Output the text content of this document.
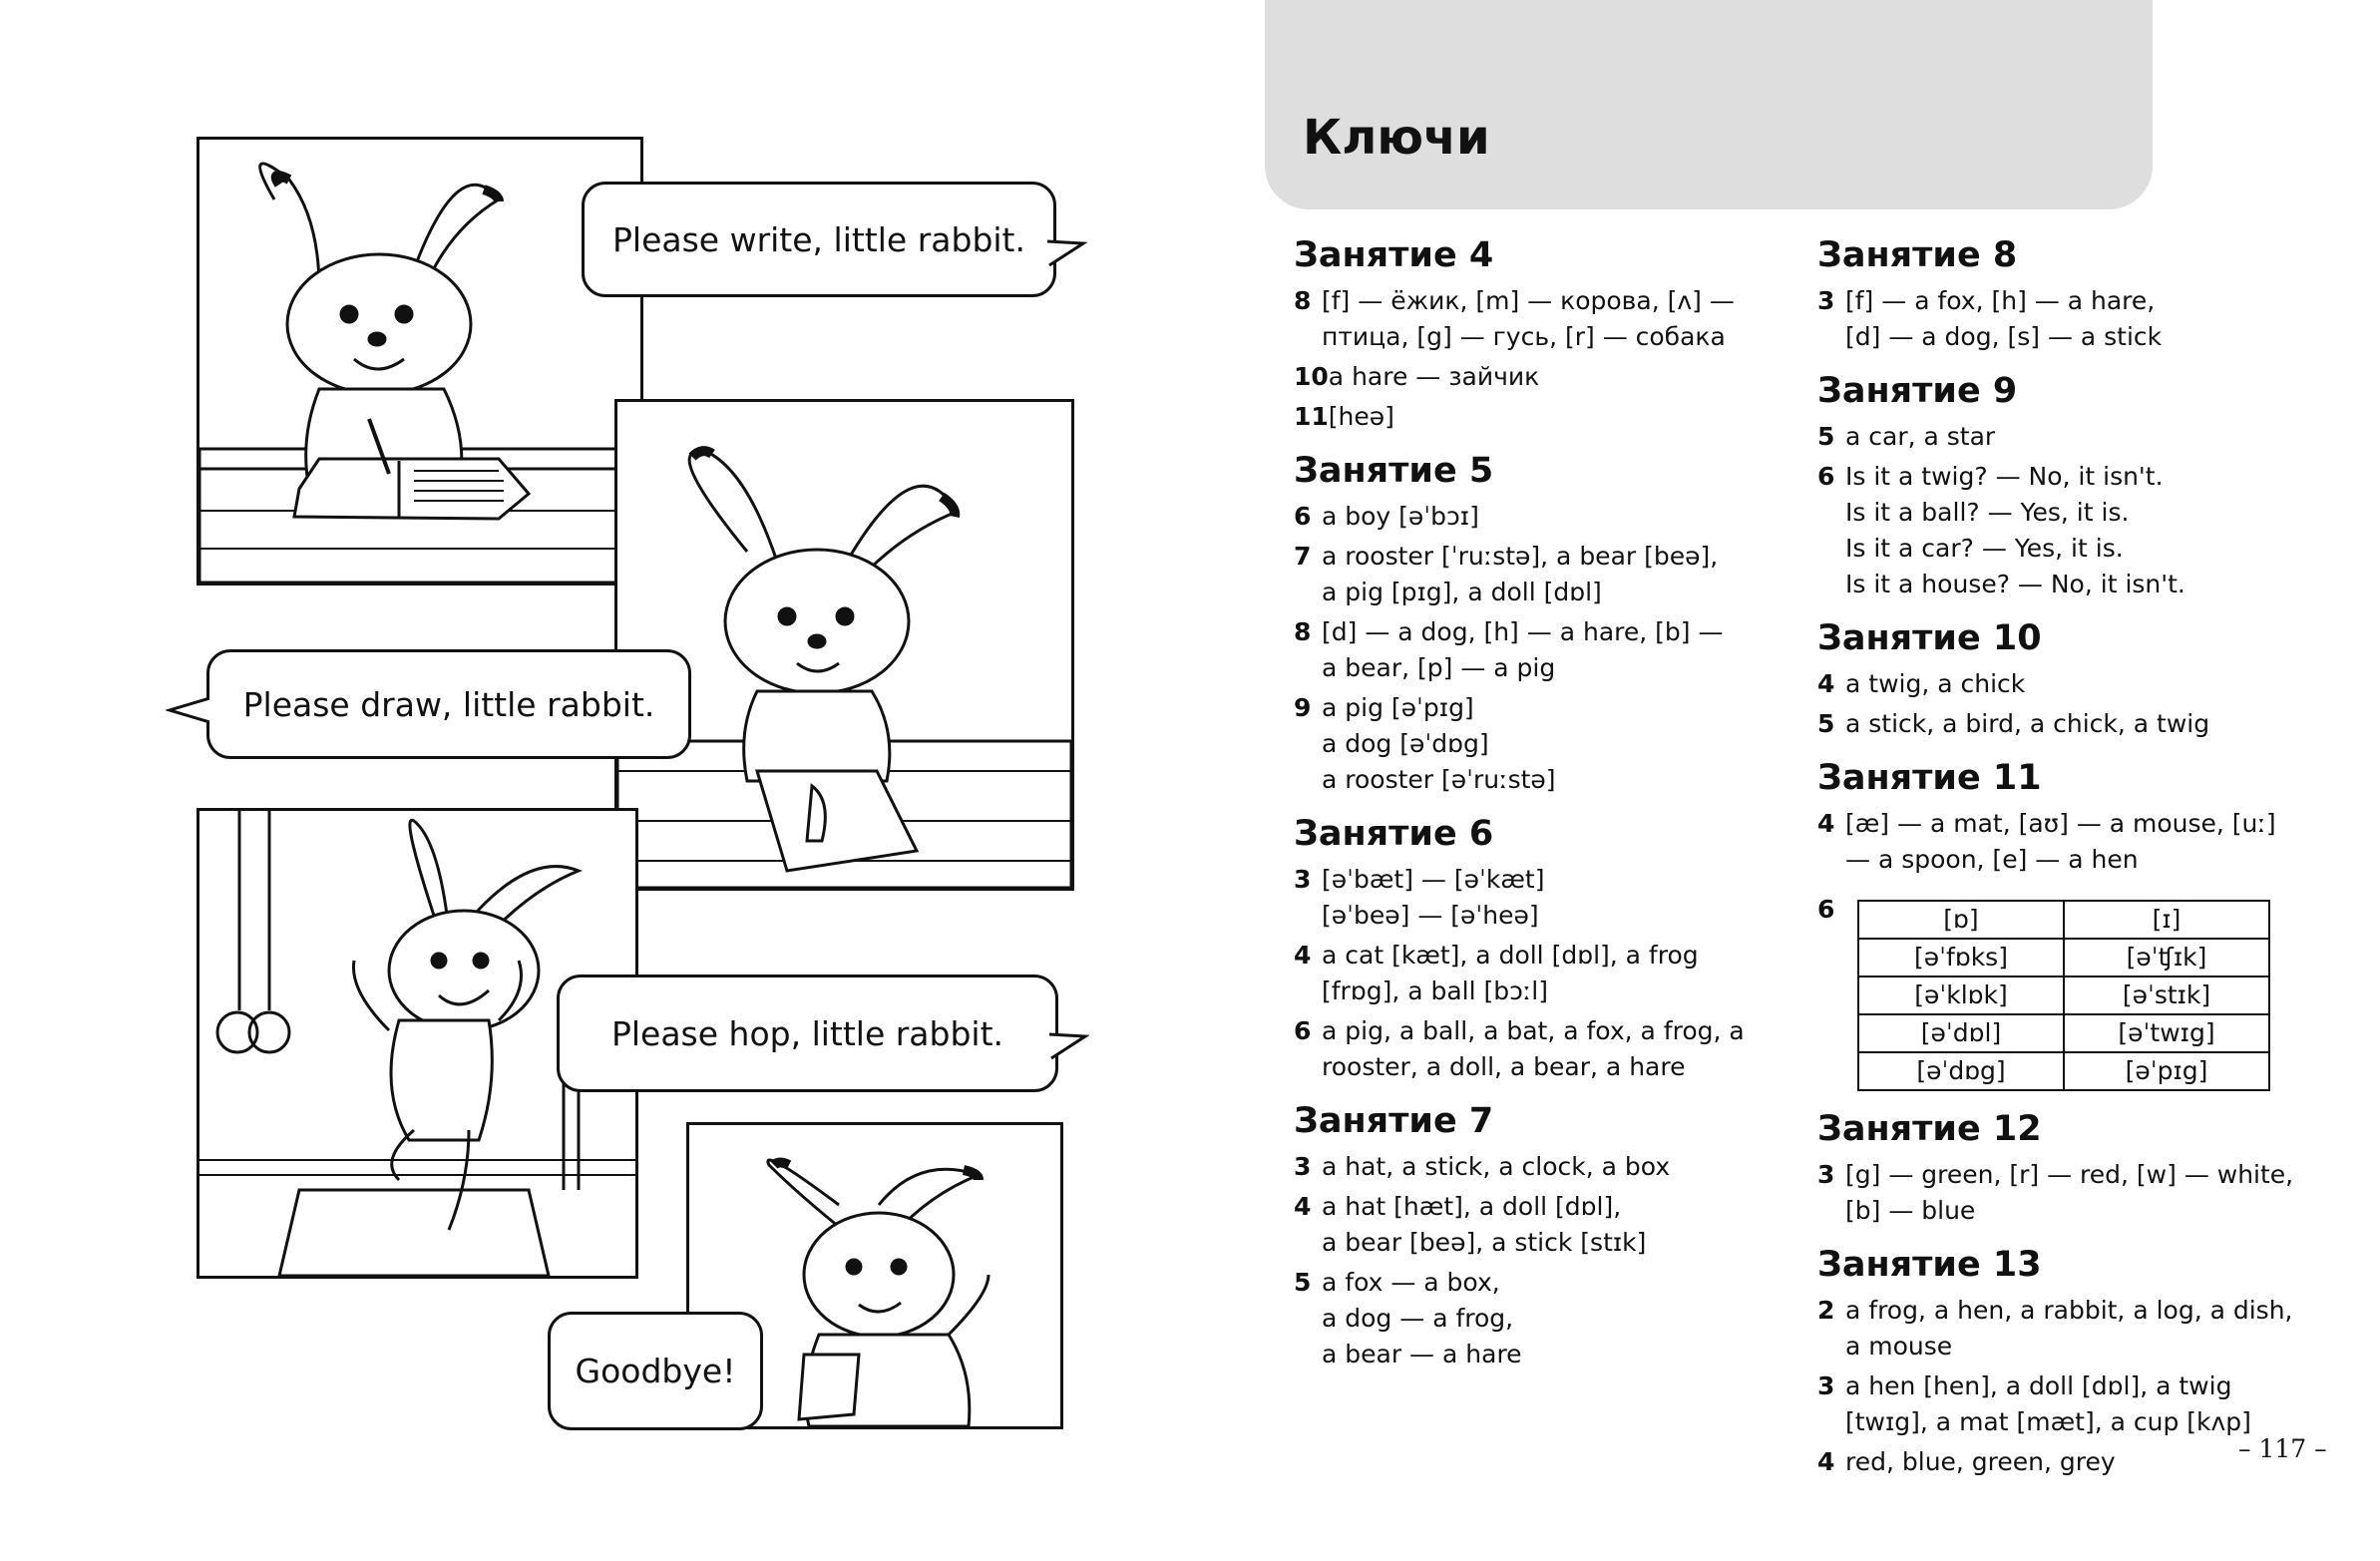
Please write, little rabbit.
Please draw, little rabbit.
Please hop, little rabbit.
Goodbye!
Ключи
Занятие 4
8 [f] — ёжик, [m] — корова, [ʌ] —
птица, [g] — гусь, [r] — собака
10 a hare — зайчик
11 [heə]
Занятие 5
6 a boy [əˈbɔɪ]
7 a rooster [ˈruːstə], a bear [beə],
a pig [pɪg], a doll [dɒl]
8 [d] — a dog, [h] — a hare, [b] —
a bear, [p] — a pig
9 a pig [əˈpɪg]
a dog [əˈdɒg]
a rooster [əˈruːstə]
Занятие 6
3 [əˈbæt] — [əˈkæt]
[əˈbeə] — [əˈheə]
4 a cat [kæt], a doll [dɒl], a frog
[frɒg], a ball [bɔːl]
6 a pig, a ball, a bat, a fox, a frog, a
rooster, a doll, a bear, a hare
Занятие 7
3 a hat, a stick, a clock, a box
4 a hat [hæt], a doll [dɒl],
a bear [beə], a stick [stɪk]
5 a fox — a box,
a dog — a frog,
a bear — a hare
Занятие 8
3 [f] — a fox, [h] — a hare,
[d] — a dog, [s] — a stick
Занятие 9
5 a car, a star
6 Is it a twig? — No, it isn't.
Is it a ball? — Yes, it is.
Is it a car? — Yes, it is.
Is it a house? — No, it isn't.
Занятие 10
4 a twig, a chick
5 a stick, a bird, a chick, a twig
Занятие 11
4 [æ] — a mat, [aʊ] — a mouse, [uː]
— a spoon, [e] — a hen
6	[ɒ]	[ɪ]
[əˈfɒks]	[əˈʧɪk]
[əˈklɒk]	[əˈstɪk]
[əˈdɒl]	[əˈtwɪg]
[əˈdɒg]	[əˈpɪg]
Занятие 12
3 [g] — green, [r] — red, [w] — white,
[b] — blue
Занятие 13
2 a frog, a hen, a rabbit, a log, a dish,
a mouse
3 a hen [hen], a doll [dɒl], a twig
[twɪg], a mat [mæt], a cup [kʌp]
4 red, blue, green, grey	– 117 –
